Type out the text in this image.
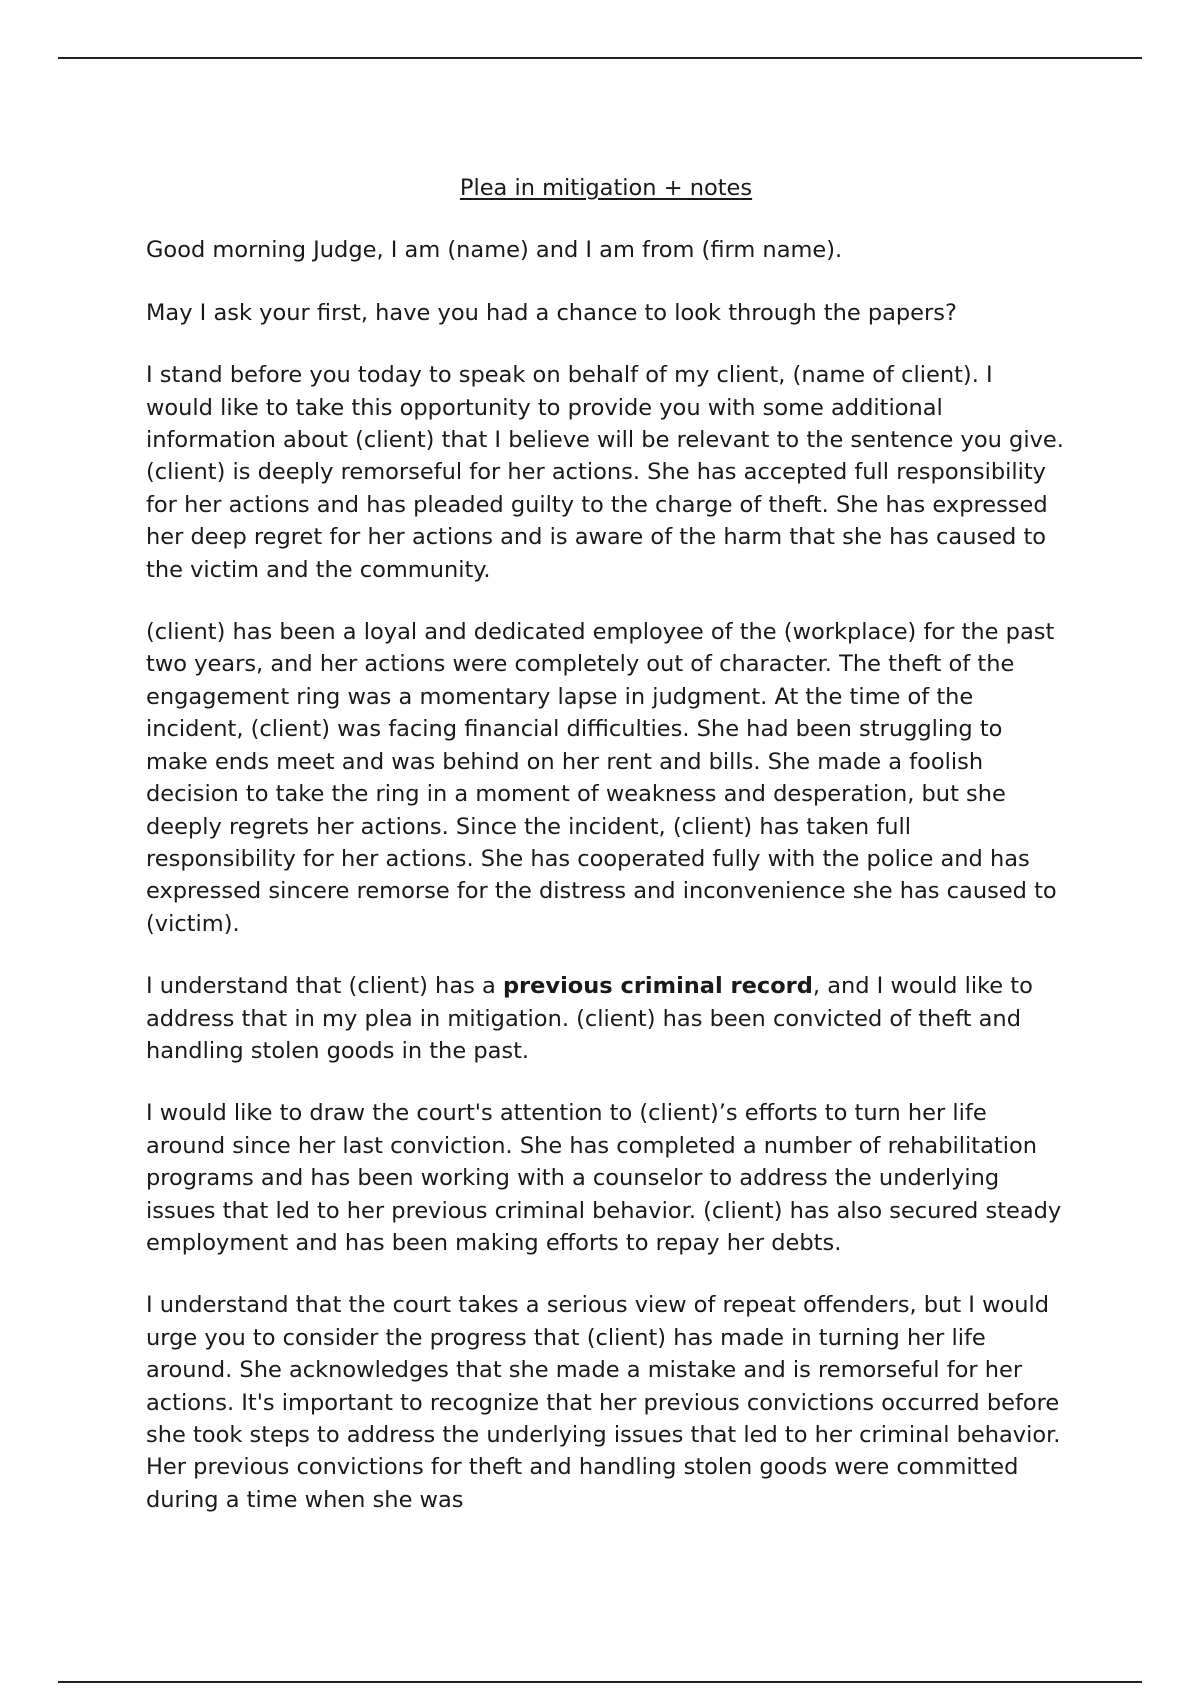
Plea in mitigation + notes

Good morning Judge, I am (name) and I am from (firm name).

May I ask your first, have you had a chance to look through the papers?

I stand before you today to speak on behalf of my client, (name of client). I would like to take this opportunity to provide you with some additional information about (client) that I believe will be relevant to the sentence you give. (client) is deeply remorseful for her actions. She has accepted full responsibility for her actions and has pleaded guilty to the charge of theft. She has expressed her deep regret for her actions and is aware of the harm that she has caused to the victim and the community.

(client) has been a loyal and dedicated employee of the (workplace) for the past two years, and her actions were completely out of character. The theft of the engagement ring was a momentary lapse in judgment. At the time of the incident, (client) was facing financial difficulties. She had been struggling to make ends meet and was behind on her rent and bills. She made a foolish decision to take the ring in a moment of weakness and desperation, but she deeply regrets her actions. Since the incident, (client) has taken full responsibility for her actions. She has cooperated fully with the police and has expressed sincere remorse for the distress and inconvenience she has caused to (victim).

I understand that (client) has a previous criminal record, and I would like to address that in my plea in mitigation. (client) has been convicted of theft and handling stolen goods in the past.

I would like to draw the court's attention to (client)’s efforts to turn her life around since her last conviction. She has completed a number of rehabilitation programs and has been working with a counselor to address the underlying issues that led to her previous criminal behavior. (client) has also secured steady employment and has been making efforts to repay her debts.

I understand that the court takes a serious view of repeat offenders, but I would urge you to consider the progress that (client) has made in turning her life around. She acknowledges that she made a mistake and is remorseful for her actions. It's important to recognize that her previous convictions occurred before she took steps to address the underlying issues that led to her criminal behavior. Her previous convictions for theft and handling stolen goods were committed during a time when she was
